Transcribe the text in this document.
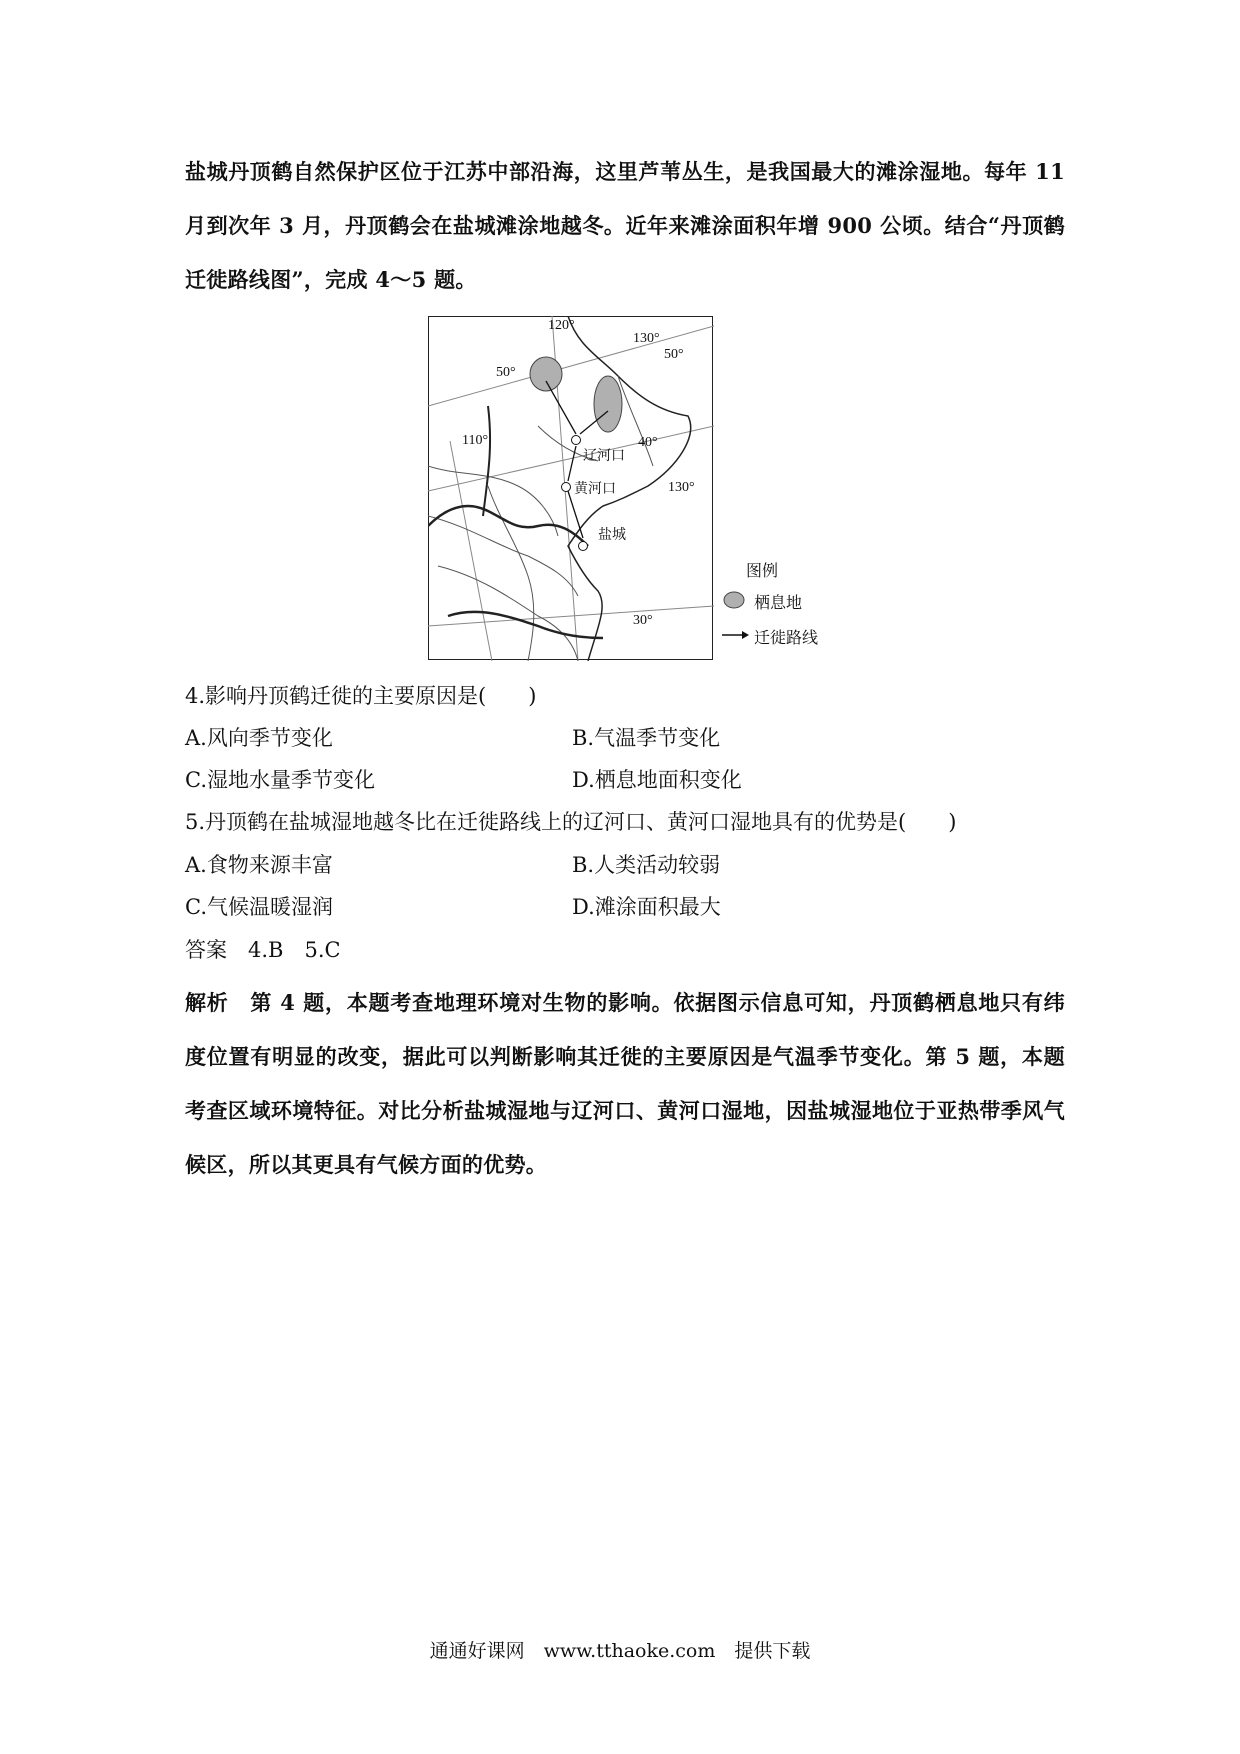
盐城丹顶鹤自然保护区位于江苏中部沿海，这里芦苇丛生，是我国最大的滩涂湿地。每年 11 月到次年 3 月，丹顶鹤会在盐城滩涂地越冬。近年来滩涂面积年增 900 公顷。结合“丹顶鹤迁徙路线图”，完成 4～5 题。
120°
130°
50°
50°
110°
130°
40°
30°
辽河口
黄河口
盐城
图例
栖息地
迁徙路线
4.影响丹顶鹤迁徙的主要原因是(　　)
A.风向季节变化	B.气温季节变化
C.湿地水量季节变化	D.栖息地面积变化
5.丹顶鹤在盐城湿地越冬比在迁徙路线上的辽河口、黄河口湿地具有的优势是(　　)
A.食物来源丰富	B.人类活动较弱
C.气候温暖湿润	D.滩涂面积最大
答案　4.B　5.C
解析　第 4 题，本题考查地理环境对生物的影响。依据图示信息可知，丹顶鹤栖息地只有纬度位置有明显的改变，据此可以判断影响其迁徙的主要原因是气温季节变化。第 5 题，本题考查区域环境特征。对比分析盐城湿地与辽河口、黄河口湿地，因盐城湿地位于亚热带季风气候区，所以其更具有气候方面的优势。
通通好课网　www.tthaoke.com　提供下载
